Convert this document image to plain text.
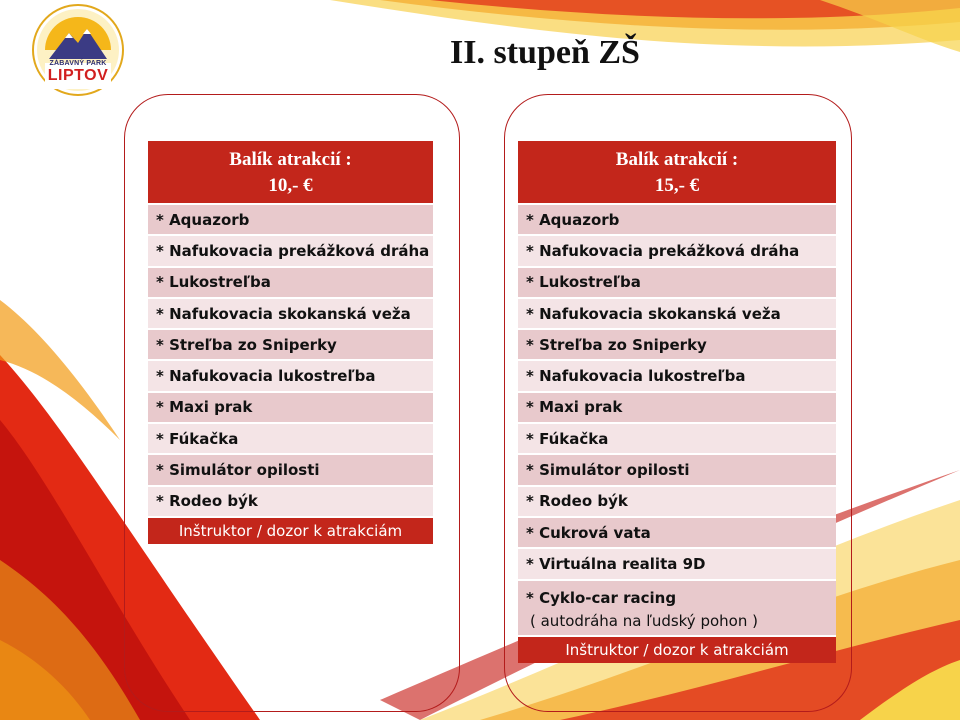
ZÁBAVNÝ PARK
LIPTOV
II. stupeň ZŠ
Balík atrakcií :
10,- €
* Aquazorb
* Nafukovacia prekážková dráha
* Lukostreľba
* Nafukovacia skokanská veža
* Streľba zo Sniperky
* Nafukovacia lukostreľba
* Maxi prak
* Fúkačka
* Simulátor opilosti
* Rodeo býk
Inštruktor / dozor k atrakciám
Balík atrakcií :
15,- €
* Aquazorb
* Nafukovacia prekážková dráha
* Lukostreľba
* Nafukovacia skokanská veža
* Streľba zo Sniperky
* Nafukovacia lukostreľba
* Maxi prak
* Fúkačka
* Simulátor opilosti
* Rodeo býk
* Cukrová vata
* Virtuálna realita 9D
* Cyklo-car racing
( autodráha na ľudský pohon )
Inštruktor / dozor k atrakciám
